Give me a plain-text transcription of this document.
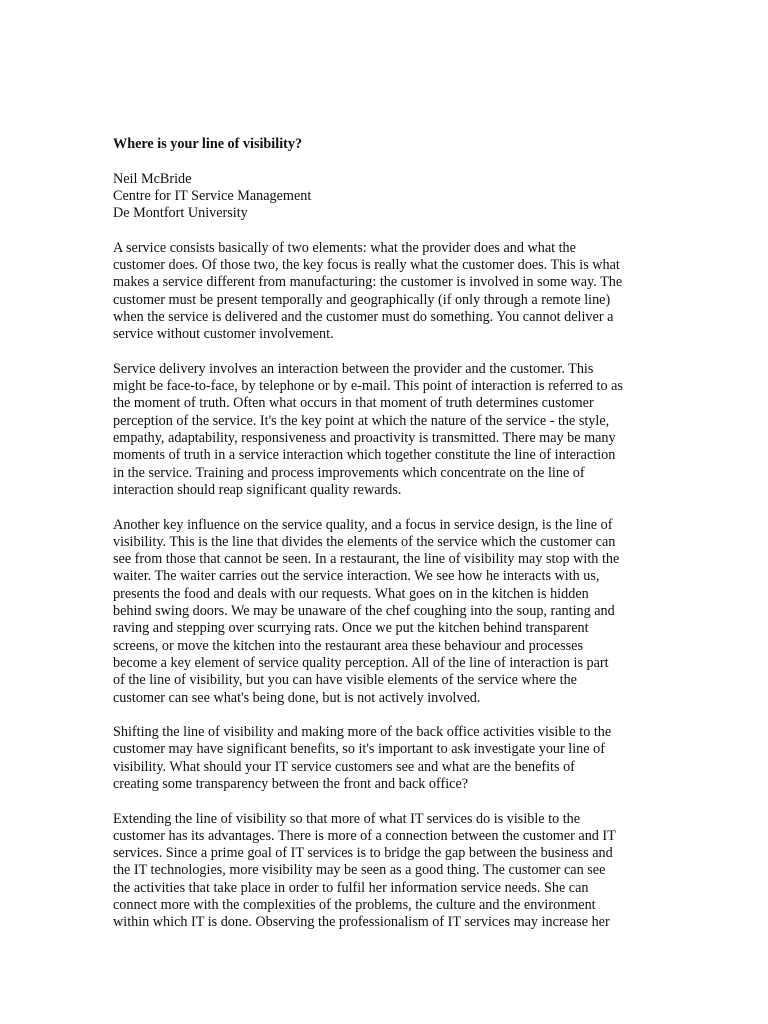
Where is your line of visibility?

Neil McBride

Centre for IT Service Management

De Montfort University

A service consists basically of two elements: what the provider does and what the
customer does. Of those two, the key focus is really what the customer does. This is what
makes a service different from manufacturing: the customer is involved in some way. The
customer must be present temporally and geographically (if only through a remote line)
when the service is delivered and the customer must do something. You cannot deliver a
service without customer involvement.

Service delivery involves an interaction between the provider and the customer. This
might be face-to-face, by telephone or by e-mail. This point of interaction is referred to as
the moment of truth. Often what occurs in that moment of truth determines customer
perception of the service. It's the key point at which the nature of the service - the style,
empathy, adaptability, responsiveness and proactivity is transmitted. There may be many
moments of truth in a service interaction which together constitute the line of interaction
in the service. Training and process improvements which concentrate on the line of
interaction should reap significant quality rewards.

Another key influence on the service quality, and a focus in service design, is the line of
visibility. This is the line that divides the elements of the service which the customer can
see from those that cannot be seen. In a restaurant, the line of visibility may stop with the
waiter. The waiter carries out the service interaction. We see how he interacts with us,
presents the food and deals with our requests. What goes on in the kitchen is hidden
behind swing doors. We may be unaware of the chef coughing into the soup, ranting and
raving and stepping over scurrying rats. Once we put the kitchen behind transparent
screens, or move the kitchen into the restaurant area these behaviour and processes
become a key element of service quality perception. All of the line of interaction is part
of the line of visibility, but you can have visible elements of the service where the
customer can see what's being done, but is not actively involved.

Shifting the line of visibility and making more of the back office activities visible to the
customer may have significant benefits, so it's important to ask investigate your line of
visibility. What should your IT service customers see and what are the benefits of
creating some transparency between the front and back office?

Extending the line of visibility so that more of what IT services do is visible to the
customer has its advantages. There is more of a connection between the customer and IT
services. Since a prime goal of IT services is to bridge the gap between the business and
the IT technologies, more visibility may be seen as a good thing. The customer can see
the activities that take place in order to fulfil her information service needs. She can
connect more with the complexities of the problems, the culture and the environment
within which IT is done. Observing the professionalism of IT services may increase her
